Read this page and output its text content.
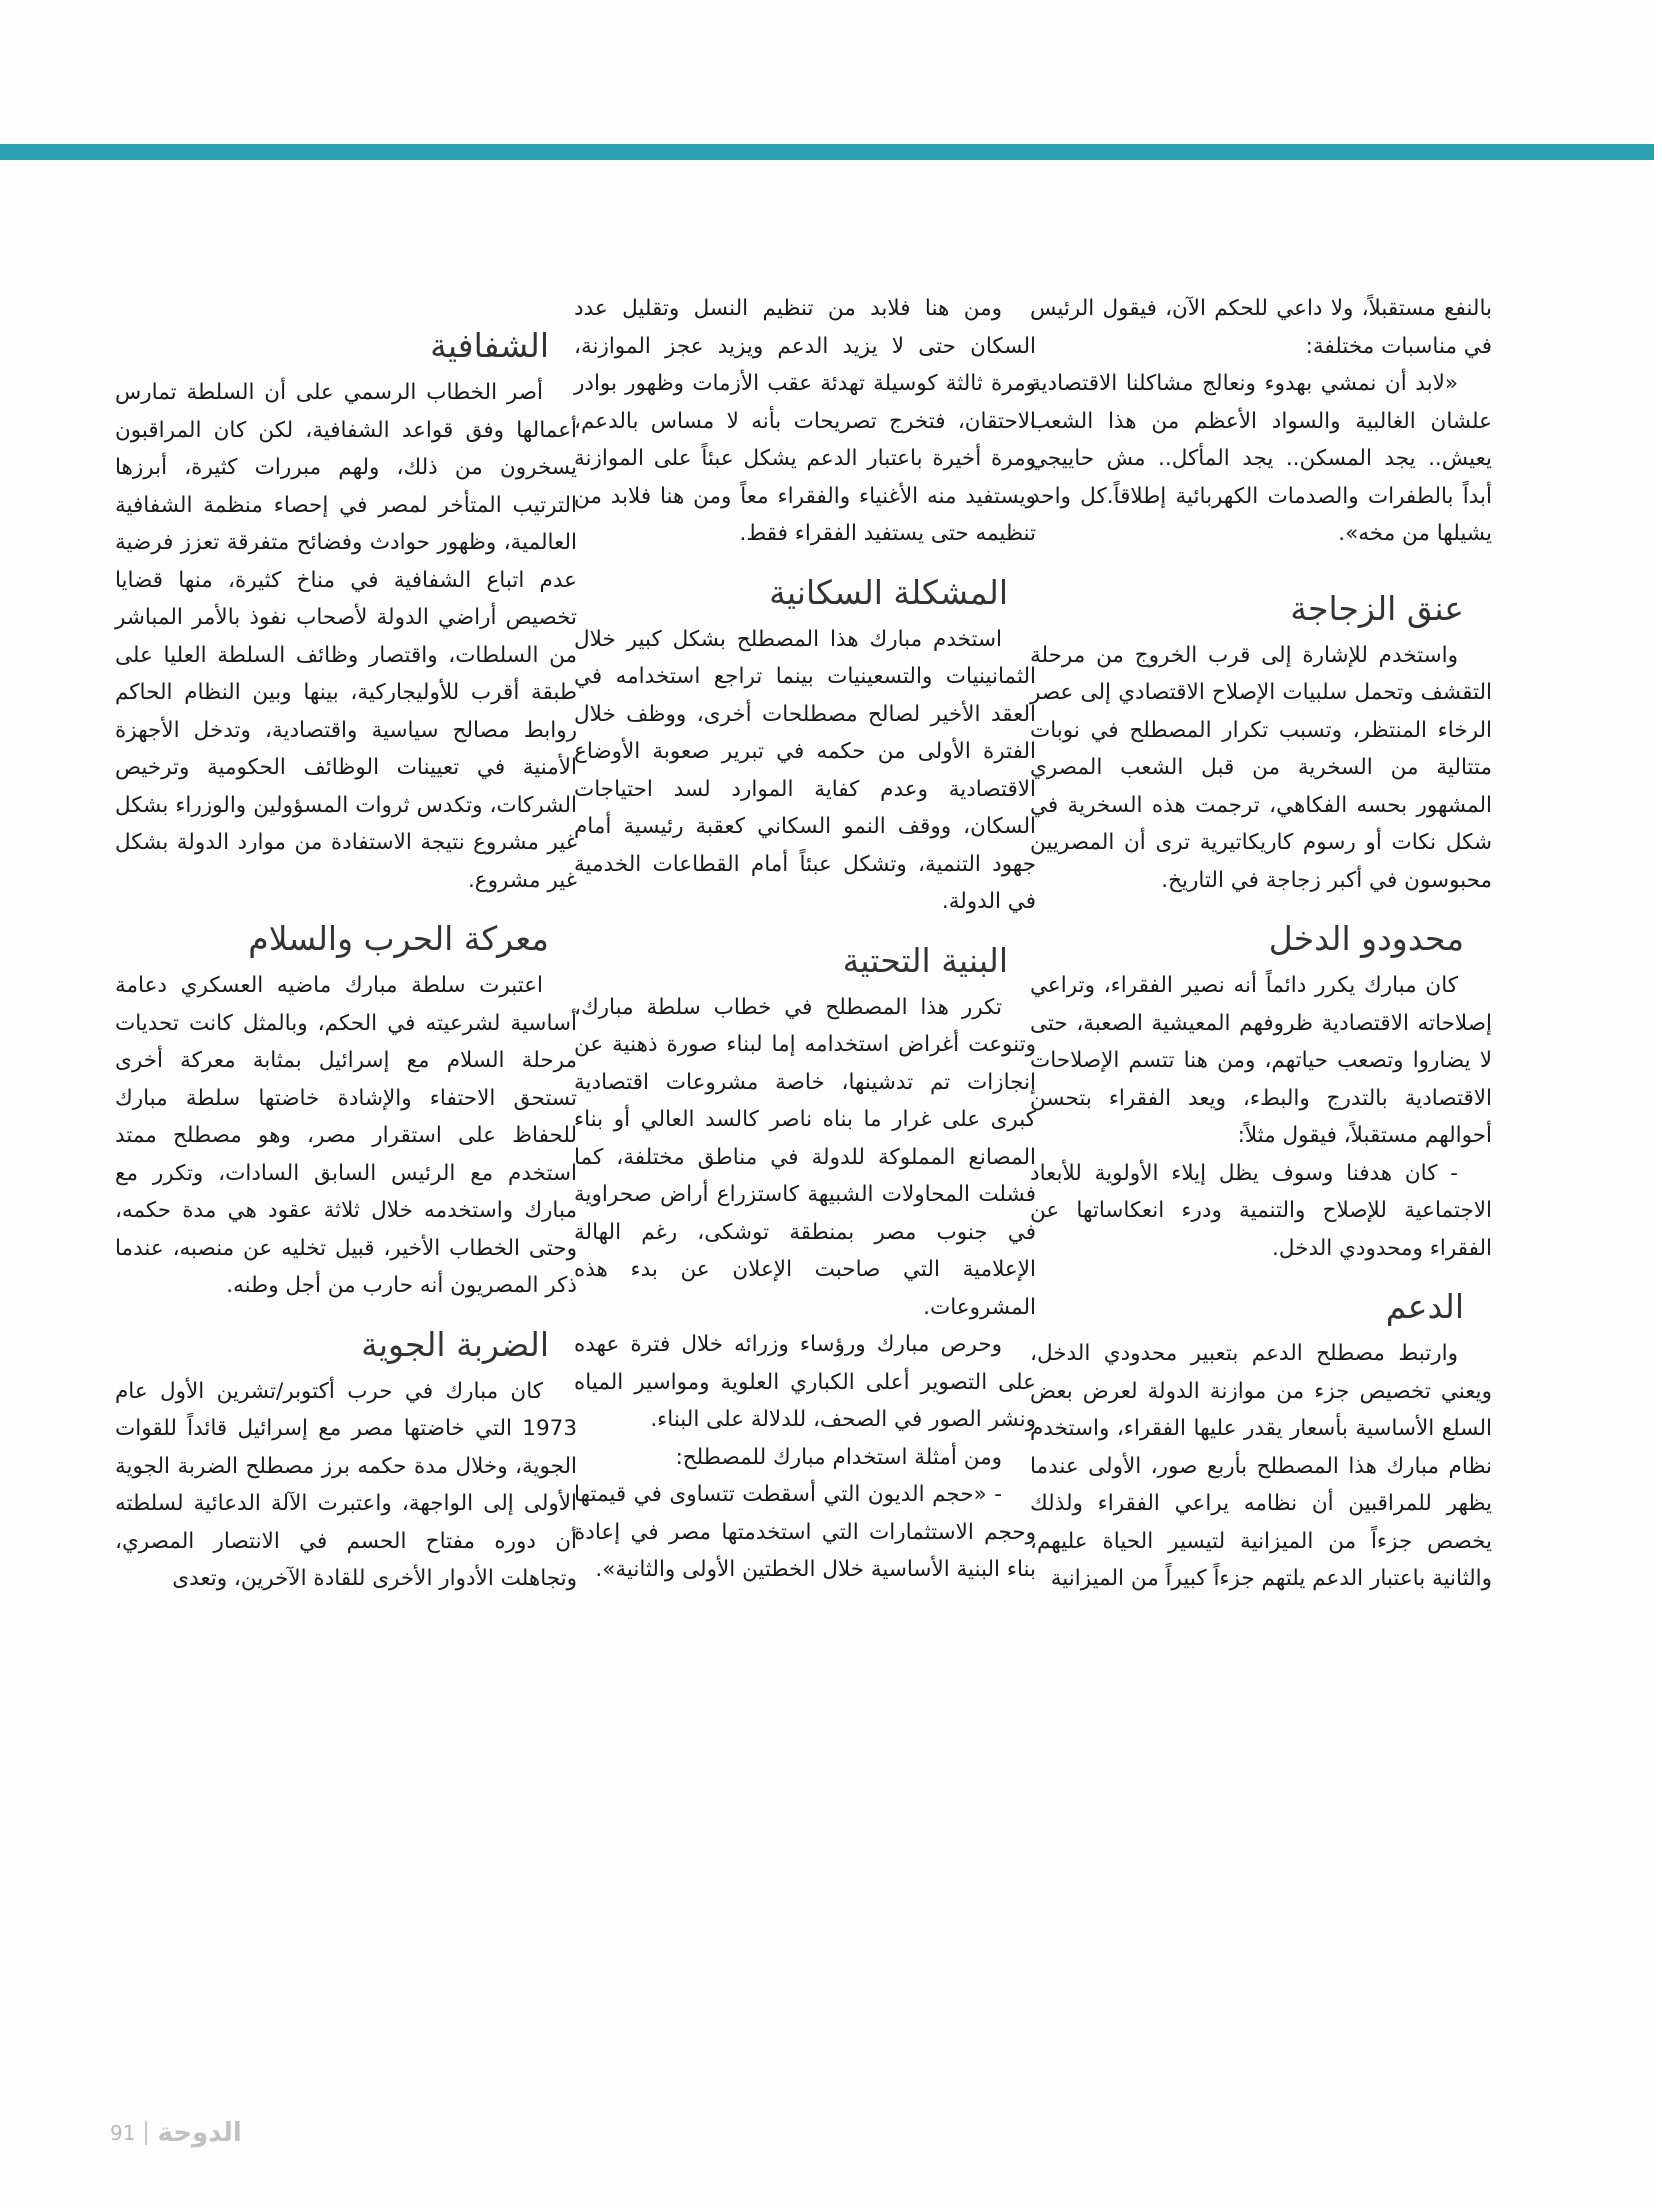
بالنفع مستقبلاً، ولا داعي للحكم الآن، فيقول الرئيس في مناسبات مختلفة:

«لابد أن نمشي بهدوء ونعالج مشاكلنا الاقتصادية علشان الغالبية والسواد الأعظم من هذا الشعب يعيش.. يجد المسكن.. يجد المأكل.. مش حاييجي أبداً بالطفرات والصدمات الكهربائية إطلاقاً.كل واحد يشيلها من مخه».

عنق الزجاجة

واستخدم للإشارة إلى قرب الخروج من مرحلة التقشف وتحمل سلبيات الإصلاح الاقتصادي إلى عصر الرخاء المنتظر، وتسبب تكرار المصطلح في نوبات متتالية من السخرية من قبل الشعب المصري المشهور بحسه الفكاهي، ترجمت هذه السخرية في شكل نكات أو رسوم كاريكاتيرية ترى أن المصريين محبوسون في أكبر زجاجة في التاريخ.

محدودو الدخل

كان مبارك يكرر دائماً أنه نصير الفقراء، وتراعي إصلاحاته الاقتصادية ظروفهم المعيشية الصعبة، حتى لا يضاروا وتصعب حياتهم، ومن هنا تتسم الإصلاحات الاقتصادية بالتدرج والبطء، ويعد الفقراء بتحسن أحوالهم مستقبلاً، فيقول مثلاً:

- كان هدفنا وسوف يظل إيلاء الأولوية للأبعاد الاجتماعية للإصلاح والتنمية ودرء انعكاساتها عن الفقراء ومحدودي الدخل.

الدعم

وارتبط مصطلح الدعم بتعبير محدودي الدخل، ويعني تخصيص جزء من موازنة الدولة لعرض بعض السلع الأساسية بأسعار يقدر عليها الفقراء، واستخدم نظام مبارك هذا المصطلح بأربع صور، الأولى عندما يظهر للمراقبين أن نظامه يراعي الفقراء ولذلك يخصص جزءاً من الميزانية لتيسير الحياة عليهم، والثانية باعتبار الدعم يلتهم جزءاً كبيراً من الميزانية

ومن هنا فلابد من تنظيم النسل وتقليل عدد السكان حتى لا يزيد الدعم ويزيد عجز الموازنة، ومرة ثالثة كوسيلة تهدئة عقب الأزمات وظهور بوادر الاحتقان، فتخرج تصريحات بأنه لا مساس بالدعم، ومرة أخيرة باعتبار الدعم يشكل عبئاً على الموازنة ويستفيد منه الأغنياء والفقراء معاً ومن هنا فلابد من تنظيمه حتى يستفيد الفقراء فقط.

المشكلة السكانية

استخدم مبارك هذا المصطلح بشكل كبير خلال الثمانينيات والتسعينيات بينما تراجع استخدامه في العقد الأخير لصالح مصطلحات أخرى، ووظف خلال الفترة الأولى من حكمه في تبرير صعوبة الأوضاع الاقتصادية وعدم كفاية الموارد لسد احتياجات السكان، ووقف النمو السكاني كعقبة رئيسية أمام جهود التنمية، وتشكل عبئاً أمام القطاعات الخدمية في الدولة.

البنية التحتية

تكرر هذا المصطلح في خطاب سلطة مبارك، وتنوعت أغراض استخدامه إما لبناء صورة ذهنية عن إنجازات تم تدشينها، خاصة مشروعات اقتصادية كبرى على غرار ما بناه ناصر كالسد العالي أو بناء المصانع المملوكة للدولة في مناطق مختلفة، كما فشلت المحاولات الشبيهة كاستزراع أراض صحراوية في جنوب مصر بمنطقة توشكى، رغم الهالة الإعلامية التي صاحبت الإعلان عن بدء هذه المشروعات.

وحرص مبارك ورؤساء وزرائه خلال فترة عهده على التصوير أعلى الكباري العلوية ومواسير المياه ونشر الصور في الصحف، للدلالة على البناء.

ومن أمثلة استخدام مبارك للمصطلح:

- «حجم الديون التي أسقطت تتساوى في قيمتها وحجم الاستثمارات التي استخدمتها مصر في إعادة بناء البنية الأساسية خلال الخطتين الأولى والثانية».

الشفافية

أصر الخطاب الرسمي على أن السلطة تمارس أعمالها وفق قواعد الشفافية، لكن كان المراقبون يسخرون من ذلك، ولهم مبررات كثيرة، أبرزها الترتيب المتأخر لمصر في إحصاء منظمة الشفافية العالمية، وظهور حوادث وفضائح متفرقة تعزز فرضية عدم اتباع الشفافية في مناخ كثيرة، منها قضايا تخصيص أراضي الدولة لأصحاب نفوذ بالأمر المباشر من السلطات، واقتصار وظائف السلطة العليا على طبقة أقرب للأوليجاركية، بينها وبين النظام الحاكم روابط مصالح سياسية واقتصادية، وتدخل الأجهزة الأمنية في تعيينات الوظائف الحكومية وترخيص الشركات، وتكدس ثروات المسؤولين والوزراء بشكل غير مشروع نتيجة الاستفادة من موارد الدولة بشكل غير مشروع.

معركة الحرب والسلام

اعتبرت سلطة مبارك ماضيه العسكري دعامة أساسية لشرعيته في الحكم، وبالمثل كانت تحديات مرحلة السلام مع إسرائيل بمثابة معركة أخرى تستحق الاحتفاء والإشادة خاضتها سلطة مبارك للحفاظ على استقرار مصر، وهو مصطلح ممتد استخدم مع الرئيس السابق السادات، وتكرر مع مبارك واستخدمه خلال ثلاثة عقود هي مدة حكمه، وحتى الخطاب الأخير، قبيل تخليه عن منصبه، عندما ذكر المصريون أنه حارب من أجل وطنه.

الضربة الجوية

كان مبارك في حرب أكتوبر/تشرين الأول عام 1973 التي خاضتها مصر مع إسرائيل قائداً للقوات الجوية، وخلال مدة حكمه برز مصطلح الضربة الجوية الأولى إلى الواجهة، واعتبرت الآلة الدعائية لسلطته أن دوره مفتاح الحسم في الانتصار المصري، وتجاهلت الأدوار الأخرى للقادة الآخرين، وتعدى

91 الدوحة
